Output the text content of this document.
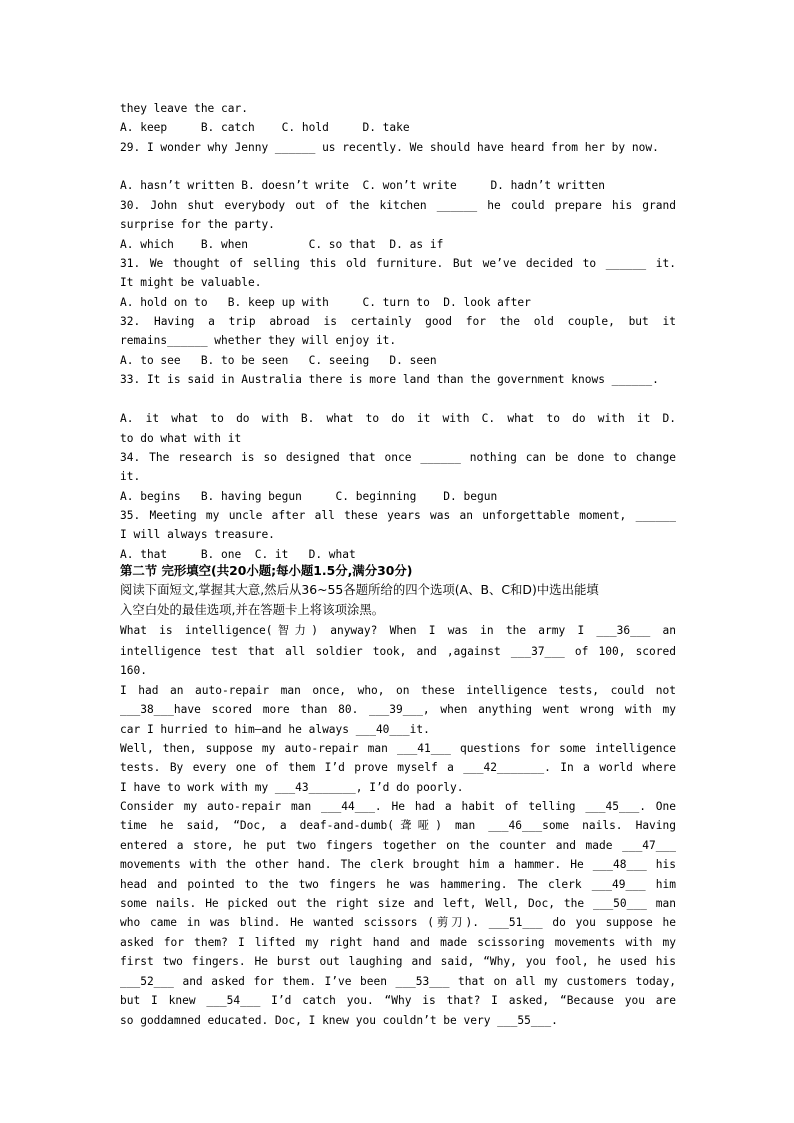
they leave the car.
A. keep     B. catch    C. hold     D. take
29. I wonder why Jenny ______ us recently. We should have heard from her by now.
A. hasn’t written B. doesn’t write  C. won’t write     D. hadn’t written
30. John shut everybody out of the kitchen ______ he could prepare his grand
surprise for the party.
A. which    B. when         C. so that  D. as if
31. We thought of selling this old furniture. But we’ve decided to ______ it.
It might be valuable.
A. hold on to   B. keep up with     C. turn to  D. look after
32. Having a trip abroad is certainly good for the old couple, but it
remains______ whether they will enjoy it.
A. to see   B. to be seen   C. seeing   D. seen
33. It is said in Australia there is more land than the government knows ______.
A. it what to do with B. what to do it with C. what to do with it D.
to do what with it
34. The research is so designed that once ______ nothing can be done to change
it.
A. begins   B. having begun     C. beginning    D. begun
35. Meeting my uncle after all these years was an unforgettable moment, ______
I will always treasure.
A. that     B. one  C. it   D. what
第二节 完形填空(共20小题;每小题1.5分,满分30分)
阅读下面短文,掌握其大意,然后从36~55各题所给的四个选项(A、B、C和D)中选出能填
入空白处的最佳选项,并在答题卡上将该项涂黑。
What is intelligence(智力) anyway? When I was in the army I ___36___ an
intelligence test that all soldier took, and ,against ___37___ of 100, scored
160.
I had an auto-repair man once, who, on these intelligence tests, could not
___38___have scored more than 80. ___39___, when anything went wrong with my
car I hurried to him—and he always ___40___it.
Well, then, suppose my auto-repair man ___41___ questions for some intelligence
tests. By every one of them I’d prove myself a ___42_______. In a world where
I have to work with my ___43_______, I’d do poorly.
Consider my auto-repair man ___44___. He had a habit of telling ___45___. One
time he said, “Doc, a deaf-and-dumb(聋哑) man ___46___some nails. Having
entered a store, he put two fingers together on the counter and made ___47___
movements with the other hand. The clerk brought him a hammer. He ___48___ his
head and pointed to the two fingers he was hammering. The clerk ___49___ him
some nails. He picked out the right size and left, Well, Doc, the ___50___ man
who came in was blind. He wanted scissors (剪刀). ___51___ do you suppose he
asked for them? I lifted my right hand and made scissoring movements with my
first two fingers. He burst out laughing and said, “Why, you fool, he used his
___52___ and asked for them. I’ve been ___53___ that on all my customers today,
but I knew ___54___ I’d catch you. “Why is that? I asked, “Because you are
so goddamned educated. Doc, I knew you couldn’t be very ___55___.
